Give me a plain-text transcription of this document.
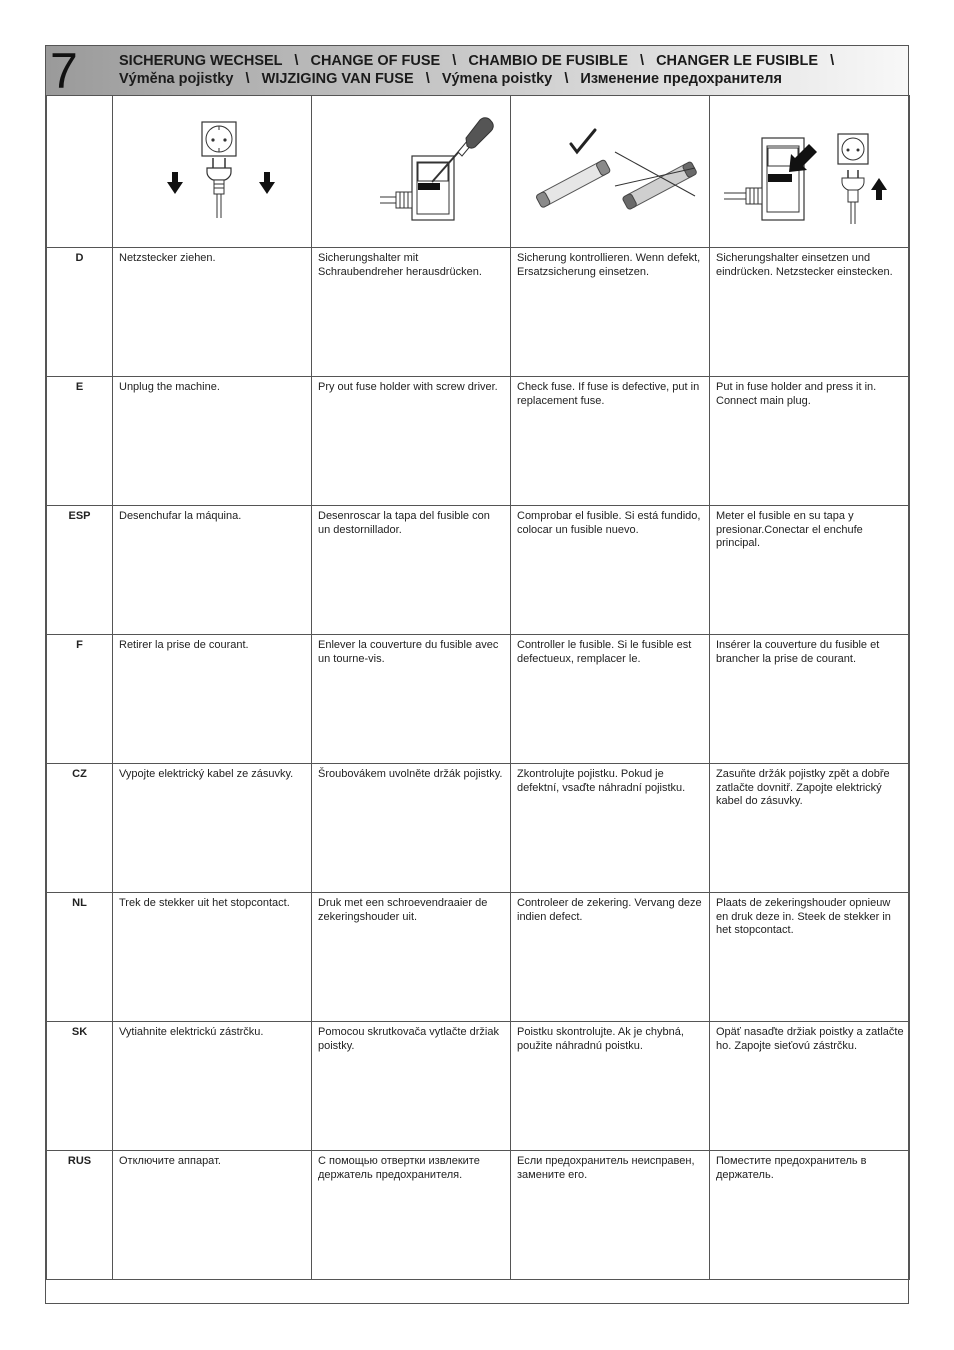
7	SICHERUNG WECHSEL   \   CHANGE OF FUSE   \   CHAMBIO DE FUSIBLE   \   CHANGER LE FUSIBLE   \
Výměna pojistky   \   WIJZIGING VAN FUSE   \   Výmena poistky   \   Изменение предохранителя

D	Netzstecker ziehen.	Sicherungshalter mit Schraubendreher herausdrücken.	Sicherung kontrollieren. Wenn defekt, Ersatzsicherung einsetzen.	Sicherungshalter einsetzen und eindrücken. Netzstecker einstecken.
E	Unplug the machine.	Pry out fuse holder with screw driver.	Check fuse. If fuse is defective, put in replacement fuse.	Put in fuse holder and press it in. Connect main plug.
ESP	Desenchufar la máquina.	Desenroscar la tapa del fusible con un destornillador.	Comprobar el fusible. Si está fundido, colocar un fusible nuevo.	Meter el fusible en su tapa y presionar.Conectar el enchufe principal.
F	Retirer la prise de courant.	Enlever la couverture du fusible avec un tourne-vis.	Controller le fusible. Si le fusible est defectueux, remplacer le.	Insérer la couverture du fusible et brancher la prise de courant.
CZ	Vypojte elektrický kabel ze zásuvky.	Šroubovákem uvolněte držák pojistky.	Zkontrolujte pojistku. Pokud je defektní, vsaďte náhradní pojistku.	Zasuňte držák pojistky zpět a dobře zatlačte dovnitř. Zapojte elektrický kabel do zásuvky.
NL	Trek de stekker uit het stopcontact.	Druk met een schroevendraaier de zekeringshouder uit.	Controleer de zekering. Vervang deze indien defect.	Plaats de zekeringshouder opnieuw en druk deze in. Steek de stekker in het stopcontact.
SK	Vytiahnite elektrickú zástrčku.	Pomocou skrutkovača vytlačte držiak poistky.	Poistku skontrolujte. Ak je chybná, použite náhradnú poistku.	Opäť nasaďte držiak poistky a zatlačte ho. Zapojte sieťovú zástrčku.
RUS	Отключите аппарат.	С помощью отвертки извлеките держатель предохранителя.	Если предохранитель неисправен, замените его.	Поместите предохранитель в держатель.
